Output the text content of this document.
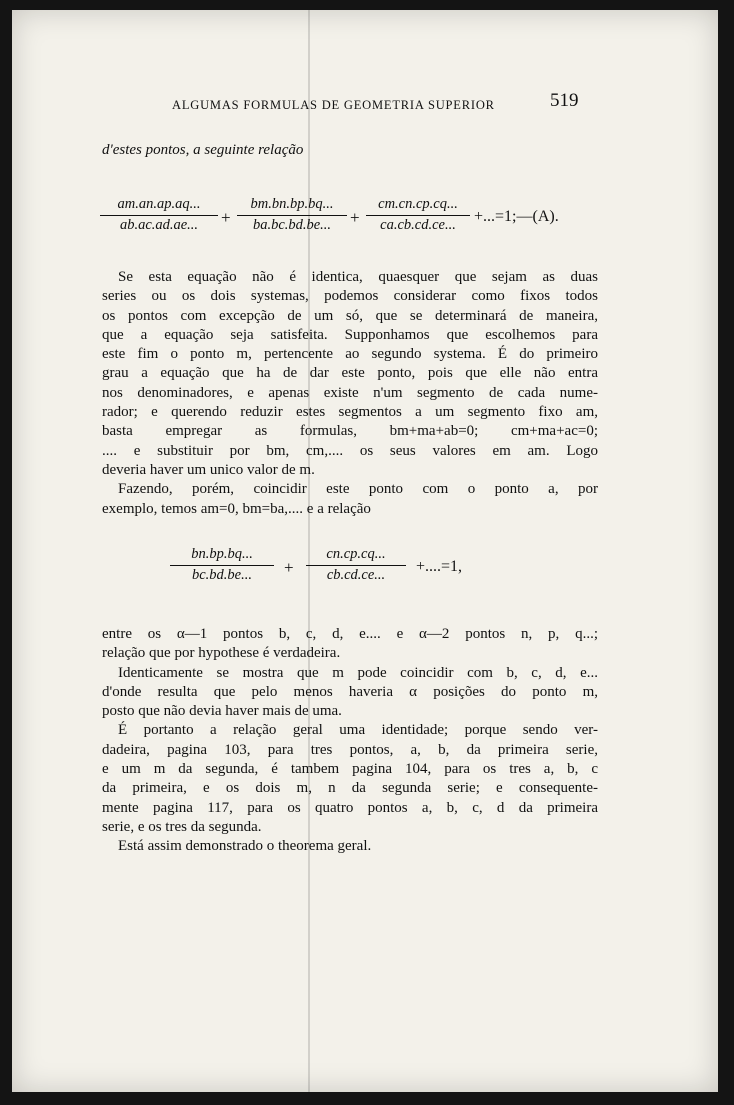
ALGUMAS FORMULAS DE GEOMETRIA SUPERIOR	519
d'estes pontos, a seguinte relação
am.an.ap.aq...
ab.ac.ad.ae...	+
bm.bn.bp.bq...
ba.bc.bd.be...	+
cm.cn.cp.cq...
ca.cb.cd.ce...	+...=1;—(A).
Se esta equação não é identica, quaesquer que sejam as duas
series ou os dois systemas, podemos considerar como fixos todos
os pontos com excepção de um só, que se determinará de maneira,
que a equação seja satisfeita. Supponhamos que escolhemos para
este fim o ponto m, pertencente ao segundo systema. É do primeiro
grau a equação que ha de dar este ponto, pois que elle não entra
nos denominadores, e apenas existe n'um segmento de cada nume-
rador; e querendo reduzir estes segmentos a um segmento fixo am,
basta empregar as formulas, bm+ma+ab=0; cm+ma+ac=0;
.... e substituir por bm, cm,.... os seus valores em am. Logo
deveria haver um unico valor de m.
Fazendo, porém, coincidir este ponto com o ponto a, por
exemplo, temos am=0, bm=ba,.... e a relação
bn.bp.bq...
bc.bd.be...	+
cn.cp.cq...
cb.cd.ce...	+....=1,
entre os α—1 pontos b, c, d, e.... e α—2 pontos n, p, q...;
relação que por hypothese é verdadeira.
Identicamente se mostra que m pode coincidir com b, c, d, e...
d'onde resulta que pelo menos haveria α posições do ponto m,
posto que não devia haver mais de uma.
É portanto a relação geral uma identidade; porque sendo ver-
dadeira, pagina 103, para tres pontos, a, b, da primeira serie,
e um m da segunda, é tambem pagina 104, para os tres a, b, c
da primeira, e os dois m, n da segunda serie; e consequente-
mente pagina 117, para os quatro pontos a, b, c, d da primeira
serie, e os tres da segunda.
Está assim demonstrado o theorema geral.
